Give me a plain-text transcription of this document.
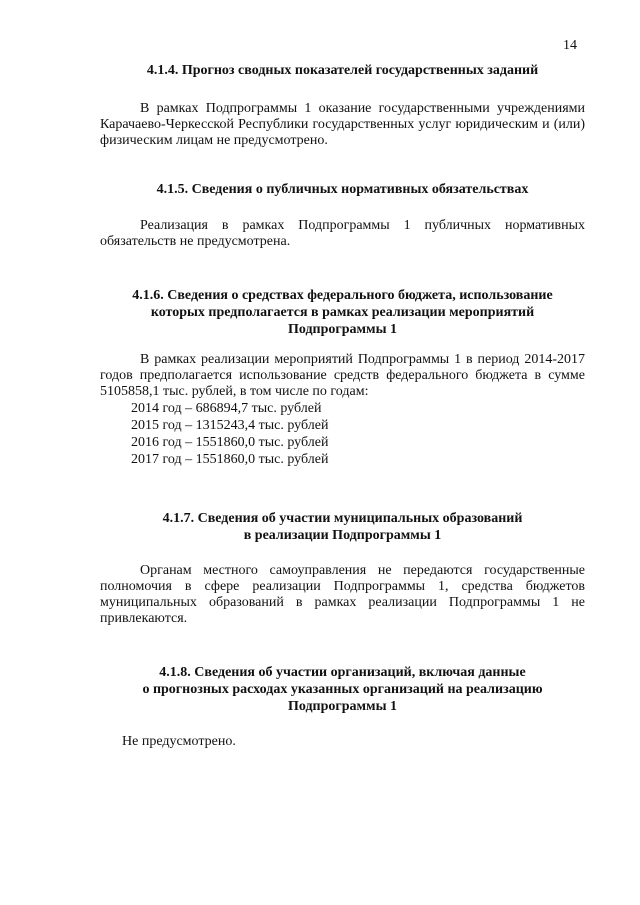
14

4.1.4. Прогноз сводных показателей государственных заданий

В рамках Подпрограммы 1 оказание государственными учреждениями Карачаево-Черкесской Республики государственных услуг юридическим и (или) физическим лицам не предусмотрено.

4.1.5. Сведения о публичных нормативных обязательствах

Реализация в рамках Подпрограммы 1 публичных нормативных обязательств не предусмотрена.

4.1.6. Сведения о средствах федерального бюджета, использование

которых предполагается в рамках реализации мероприятий

Подпрограммы 1

В рамках реализации мероприятий Подпрограммы 1 в период 2014-2017 годов предполагается использование средств федерального бюджета в сумме 5105858,1 тыс. рублей, в том числе по годам:

2014 год – 686894,7 тыс. рублей
2015 год – 1315243,4 тыс. рублей
2016 год – 1551860,0 тыс. рублей
2017 год – 1551860,0 тыс. рублей

4.1.7. Сведения об участии муниципальных образований

в реализации Подпрограммы 1

Органам местного самоуправления не передаются государственные полномочия в сфере реализации Подпрограммы 1, средства бюджетов муниципальных образований в рамках реализации Подпрограммы 1 не привлекаются.

4.1.8. Сведения об участии организаций, включая данные

о прогнозных расходах указанных организаций на реализацию

Подпрограммы 1

Не предусмотрено.
